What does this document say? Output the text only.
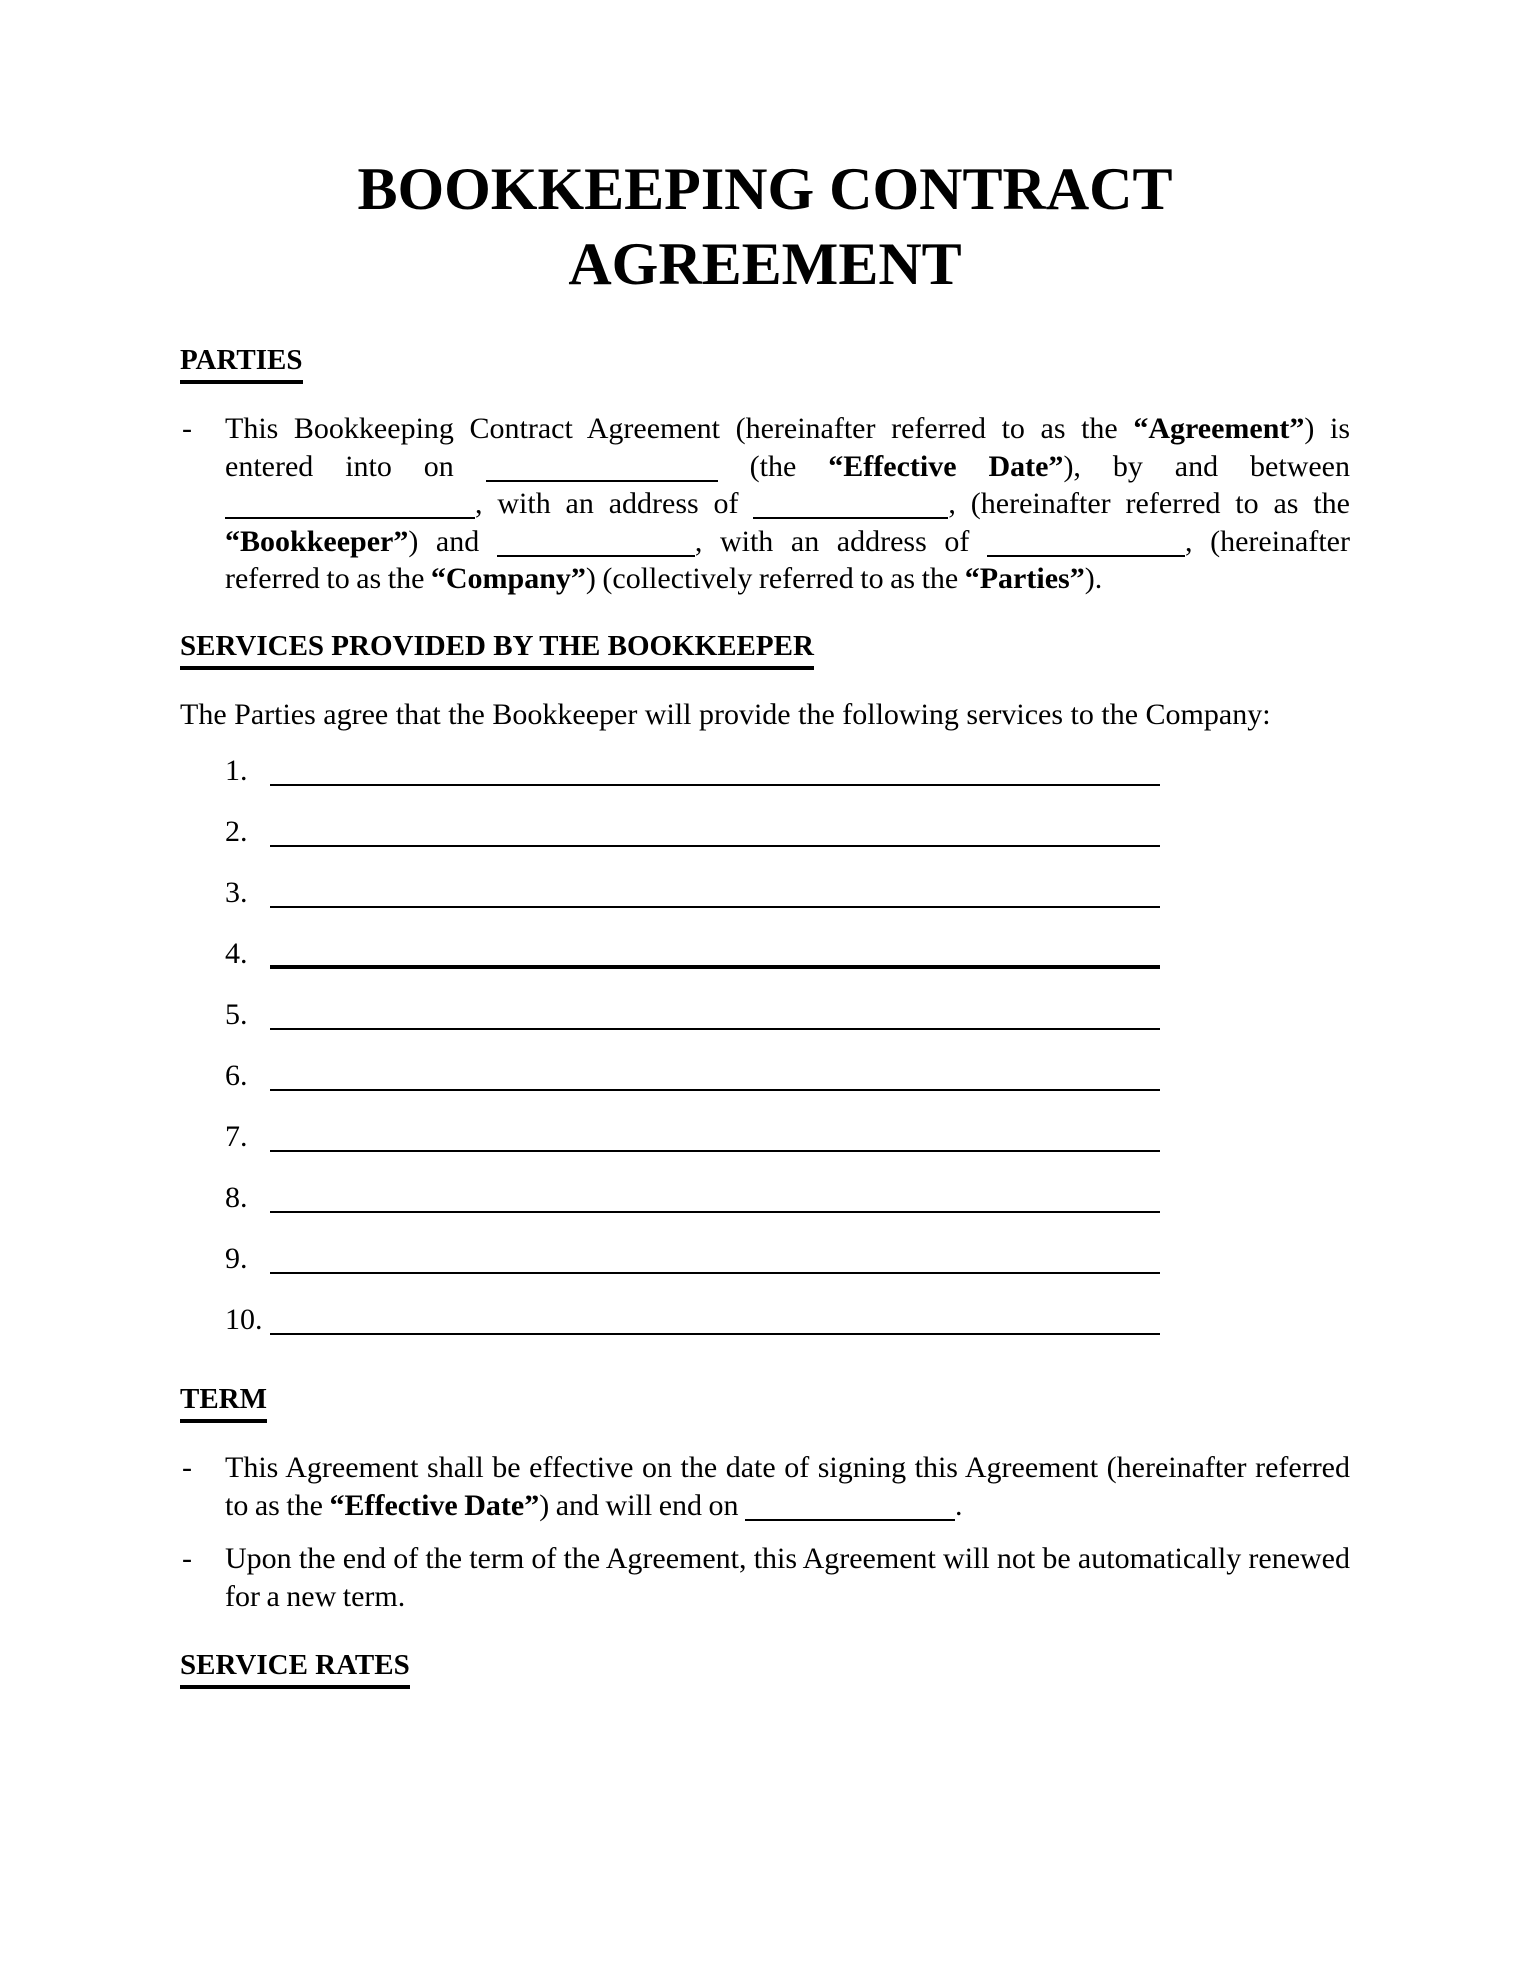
BOOKKEEPING CONTRACT
AGREEMENT
PARTIES

- This Bookkeeping Contract Agreement (hereinafter referred to as the “Agreement”) is entered into on	(the “Effective Date”), by and between , with an address of	, (hereinafter referred to as the “Bookkeeper”) and	, with an address of	, (hereinafter referred to as the “Company”) (collectively referred to as the “Parties”).

SERVICES PROVIDED BY THE BOOKKEEPER

The Parties agree that the Bookkeeper will provide the following services to the Company:

1.
2.
3.
4.
5.
6.
7.
8.
9.
10.
TERM

- This Agreement shall be effective on the date of signing this Agreement (hereinafter referred to as the “Effective Date”) and will end on	.

- Upon the end of the term of the Agreement, this Agreement will not be automatically renewed for a new term.

SERVICE RATES
